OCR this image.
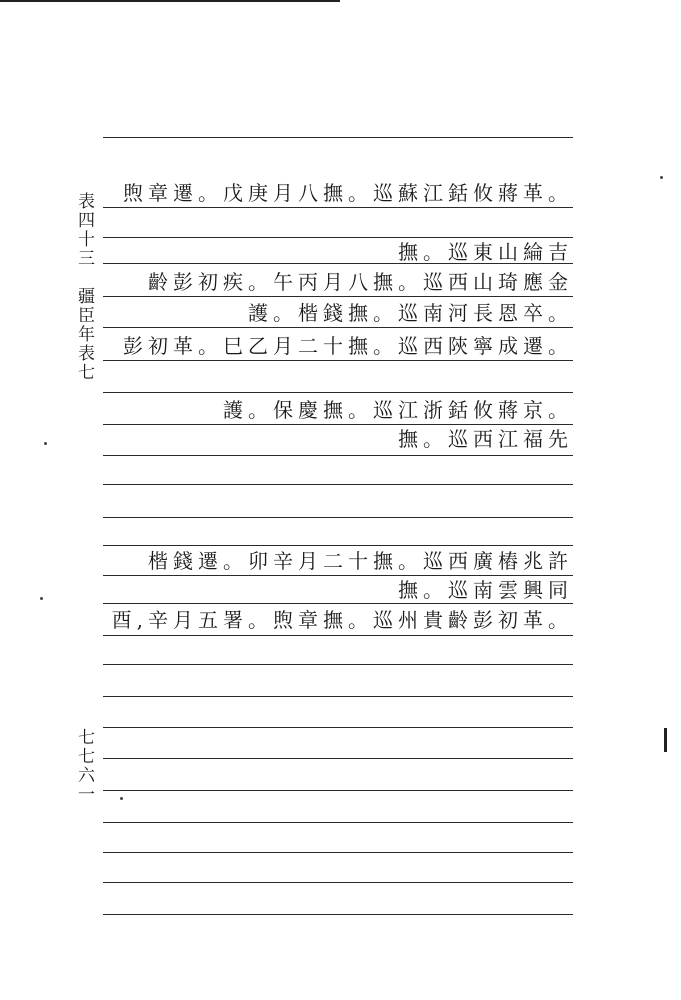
表四十三　疆臣年表七
七七六一
煦章遷。戊庚月八撫。巡蘇江銛攸蔣革。
撫。巡東山綸吉
齡彭初疾。午丙月八撫。巡西山琦應金
護。楷錢撫。巡南河長恩卒。
彭初革。巳乙月二十撫。巡西陝寧成遷。
護。保慶撫。巡江浙銛攸蔣京。
撫。巡西江福先
楷錢遷。卯辛月二十撫。巡西廣樁兆許
撫。巡南雲興同
酉,辛月五署。煦章撫。巡州貴齡彭初革。
